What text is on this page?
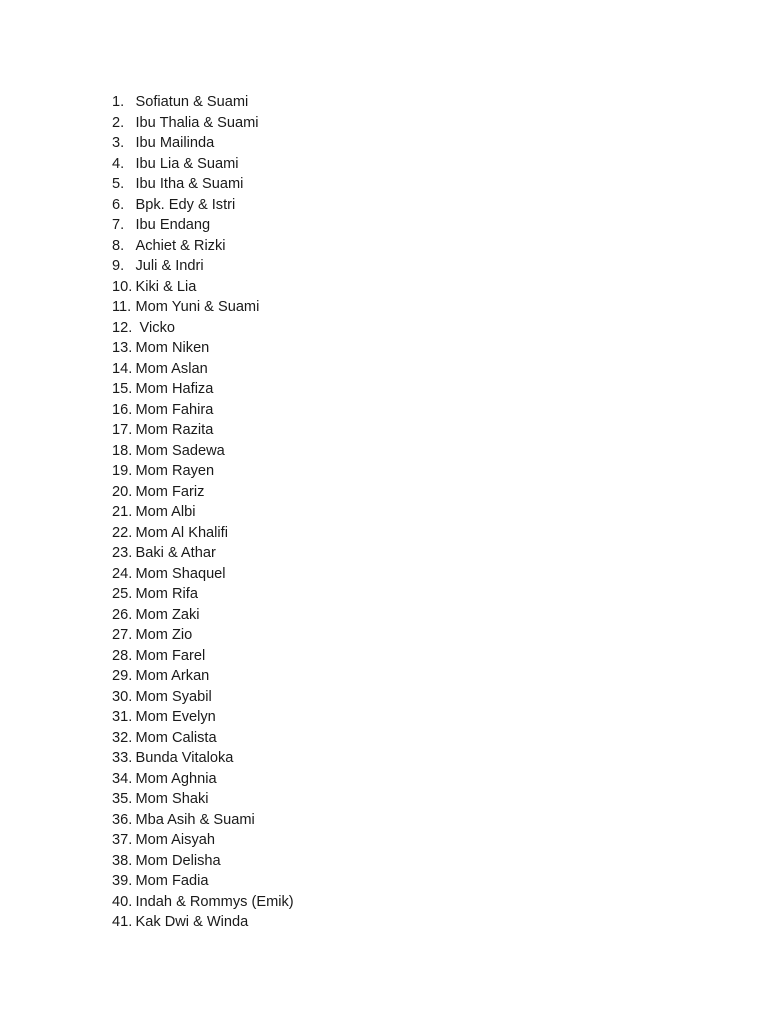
1. Sofiatun & Suami
2. Ibu Thalia & Suami
3. Ibu Mailinda
4. Ibu Lia & Suami
5. Ibu Itha & Suami
6. Bpk. Edy & Istri
7. Ibu Endang
8. Achiet & Rizki
9. Juli & Indri
10. Kiki & Lia
11. Mom Yuni & Suami
12. Vicko
13. Mom Niken
14. Mom Aslan
15. Mom Hafiza
16. Mom Fahira
17. Mom Razita
18. Mom Sadewa
19. Mom Rayen
20. Mom Fariz
21. Mom Albi
22. Mom Al Khalifi
23. Baki & Athar
24. Mom Shaquel
25. Mom Rifa
26. Mom Zaki
27. Mom Zio
28. Mom Farel
29. Mom Arkan
30. Mom Syabil
31. Mom Evelyn
32. Mom Calista
33. Bunda Vitaloka
34. Mom Aghnia
35. Mom Shaki
36. Mba Asih & Suami
37. Mom Aisyah
38. Mom Delisha
39. Mom Fadia
40. Indah & Rommys (Emik)
41. Kak Dwi & Winda
